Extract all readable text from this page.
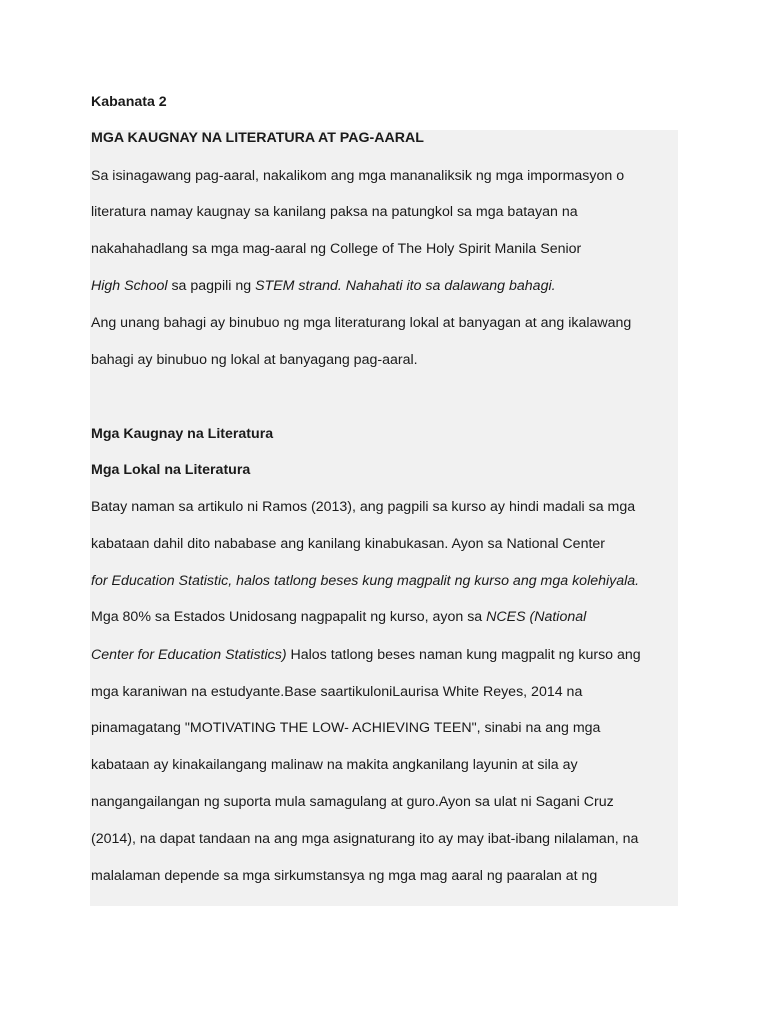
Kabanata 2
MGA KAUGNAY NA LITERATURA AT PAG-AARAL
Sa isinagawang pag-aaral, nakalikom ang mga mananaliksik ng mga impormasyon o
literatura namay kaugnay sa kanilang paksa na patungkol sa mga batayan na
nakahahadlang sa mga mag-aaral ng College of The Holy Spirit Manila Senior
High School sa pagpili ng STEM strand. Nahahati ito sa dalawang bahagi.
Ang unang bahagi ay binubuo ng mga literaturang lokal at banyagan at ang ikalawang
bahagi ay binubuo ng lokal at banyagang pag-aaral.
Mga Kaugnay na Literatura
Mga Lokal na Literatura
Batay naman sa artikulo ni Ramos (2013), ang pagpili sa kurso ay hindi madali sa mga
kabataan dahil dito nababase ang kanilang kinabukasan. Ayon sa National Center
for Education Statistic, halos tatlong beses kung magpalit ng kurso ang mga kolehiyala.
Mga 80% sa Estados Unidosang nagpapalit ng kurso, ayon sa NCES (National
Center for Education Statistics) Halos tatlong beses naman kung magpalit ng kurso ang
mga karaniwan na estudyante.Base saartikuloniLaurisa White Reyes, 2014 na
pinamagatang "MOTIVATING THE LOW- ACHIEVING TEEN", sinabi na ang mga
kabataan ay kinakailangang malinaw na makita angkanilang layunin at sila ay
nangangailangan ng suporta mula samagulang at guro.Ayon sa ulat ni Sagani Cruz
(2014), na dapat tandaan na ang mga asignaturang ito ay may ibat-ibang nilalaman, na
malalaman depende sa mga sirkumstansya ng mga mag aaral ng paaralan at ng
